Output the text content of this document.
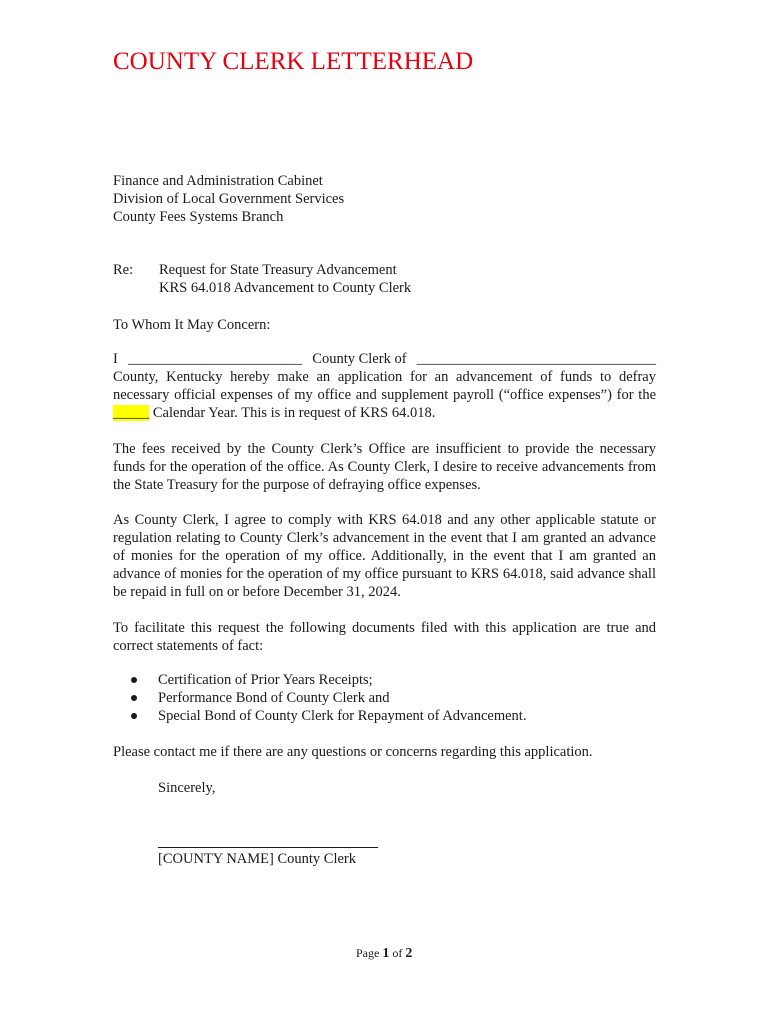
COUNTY CLERK LETTERHEAD
Finance and Administration Cabinet
Division of Local Government Services
County Fees Systems Branch
Re: Request for State Treasury Advancement
KRS 64.018 Advancement to County Clerk
To Whom It May Concern:
I ________________________ County Clerk of _________________________________
County, Kentucky hereby make an application for an advancement of funds to defray necessary official expenses of my office and supplement payroll (“office expenses”) for the _____ Calendar Year. This is in request of KRS 64.018.
The fees received by the County Clerk’s Office are insufficient to provide the necessary funds for the operation of the office. As County Clerk, I desire to receive advancements from the State Treasury for the purpose of defraying office expenses.
As County Clerk, I agree to comply with KRS 64.018 and any other applicable statute or regulation relating to County Clerk’s advancement in the event that I am granted an advance of monies for the operation of my office. Additionally, in the event that I am granted an advance of monies for the operation of my office pursuant to KRS 64.018, said advance shall be repaid in full on or before December 31, 2024.
To facilitate this request the following documents filed with this application are true and correct statements of fact:
Certification of Prior Years Receipts;
Performance Bond of County Clerk and
Special Bond of County Clerk for Repayment of Advancement.
Please contact me if there are any questions or concerns regarding this application.
Sincerely,
[COUNTY NAME] County Clerk
Page 1 of 2
